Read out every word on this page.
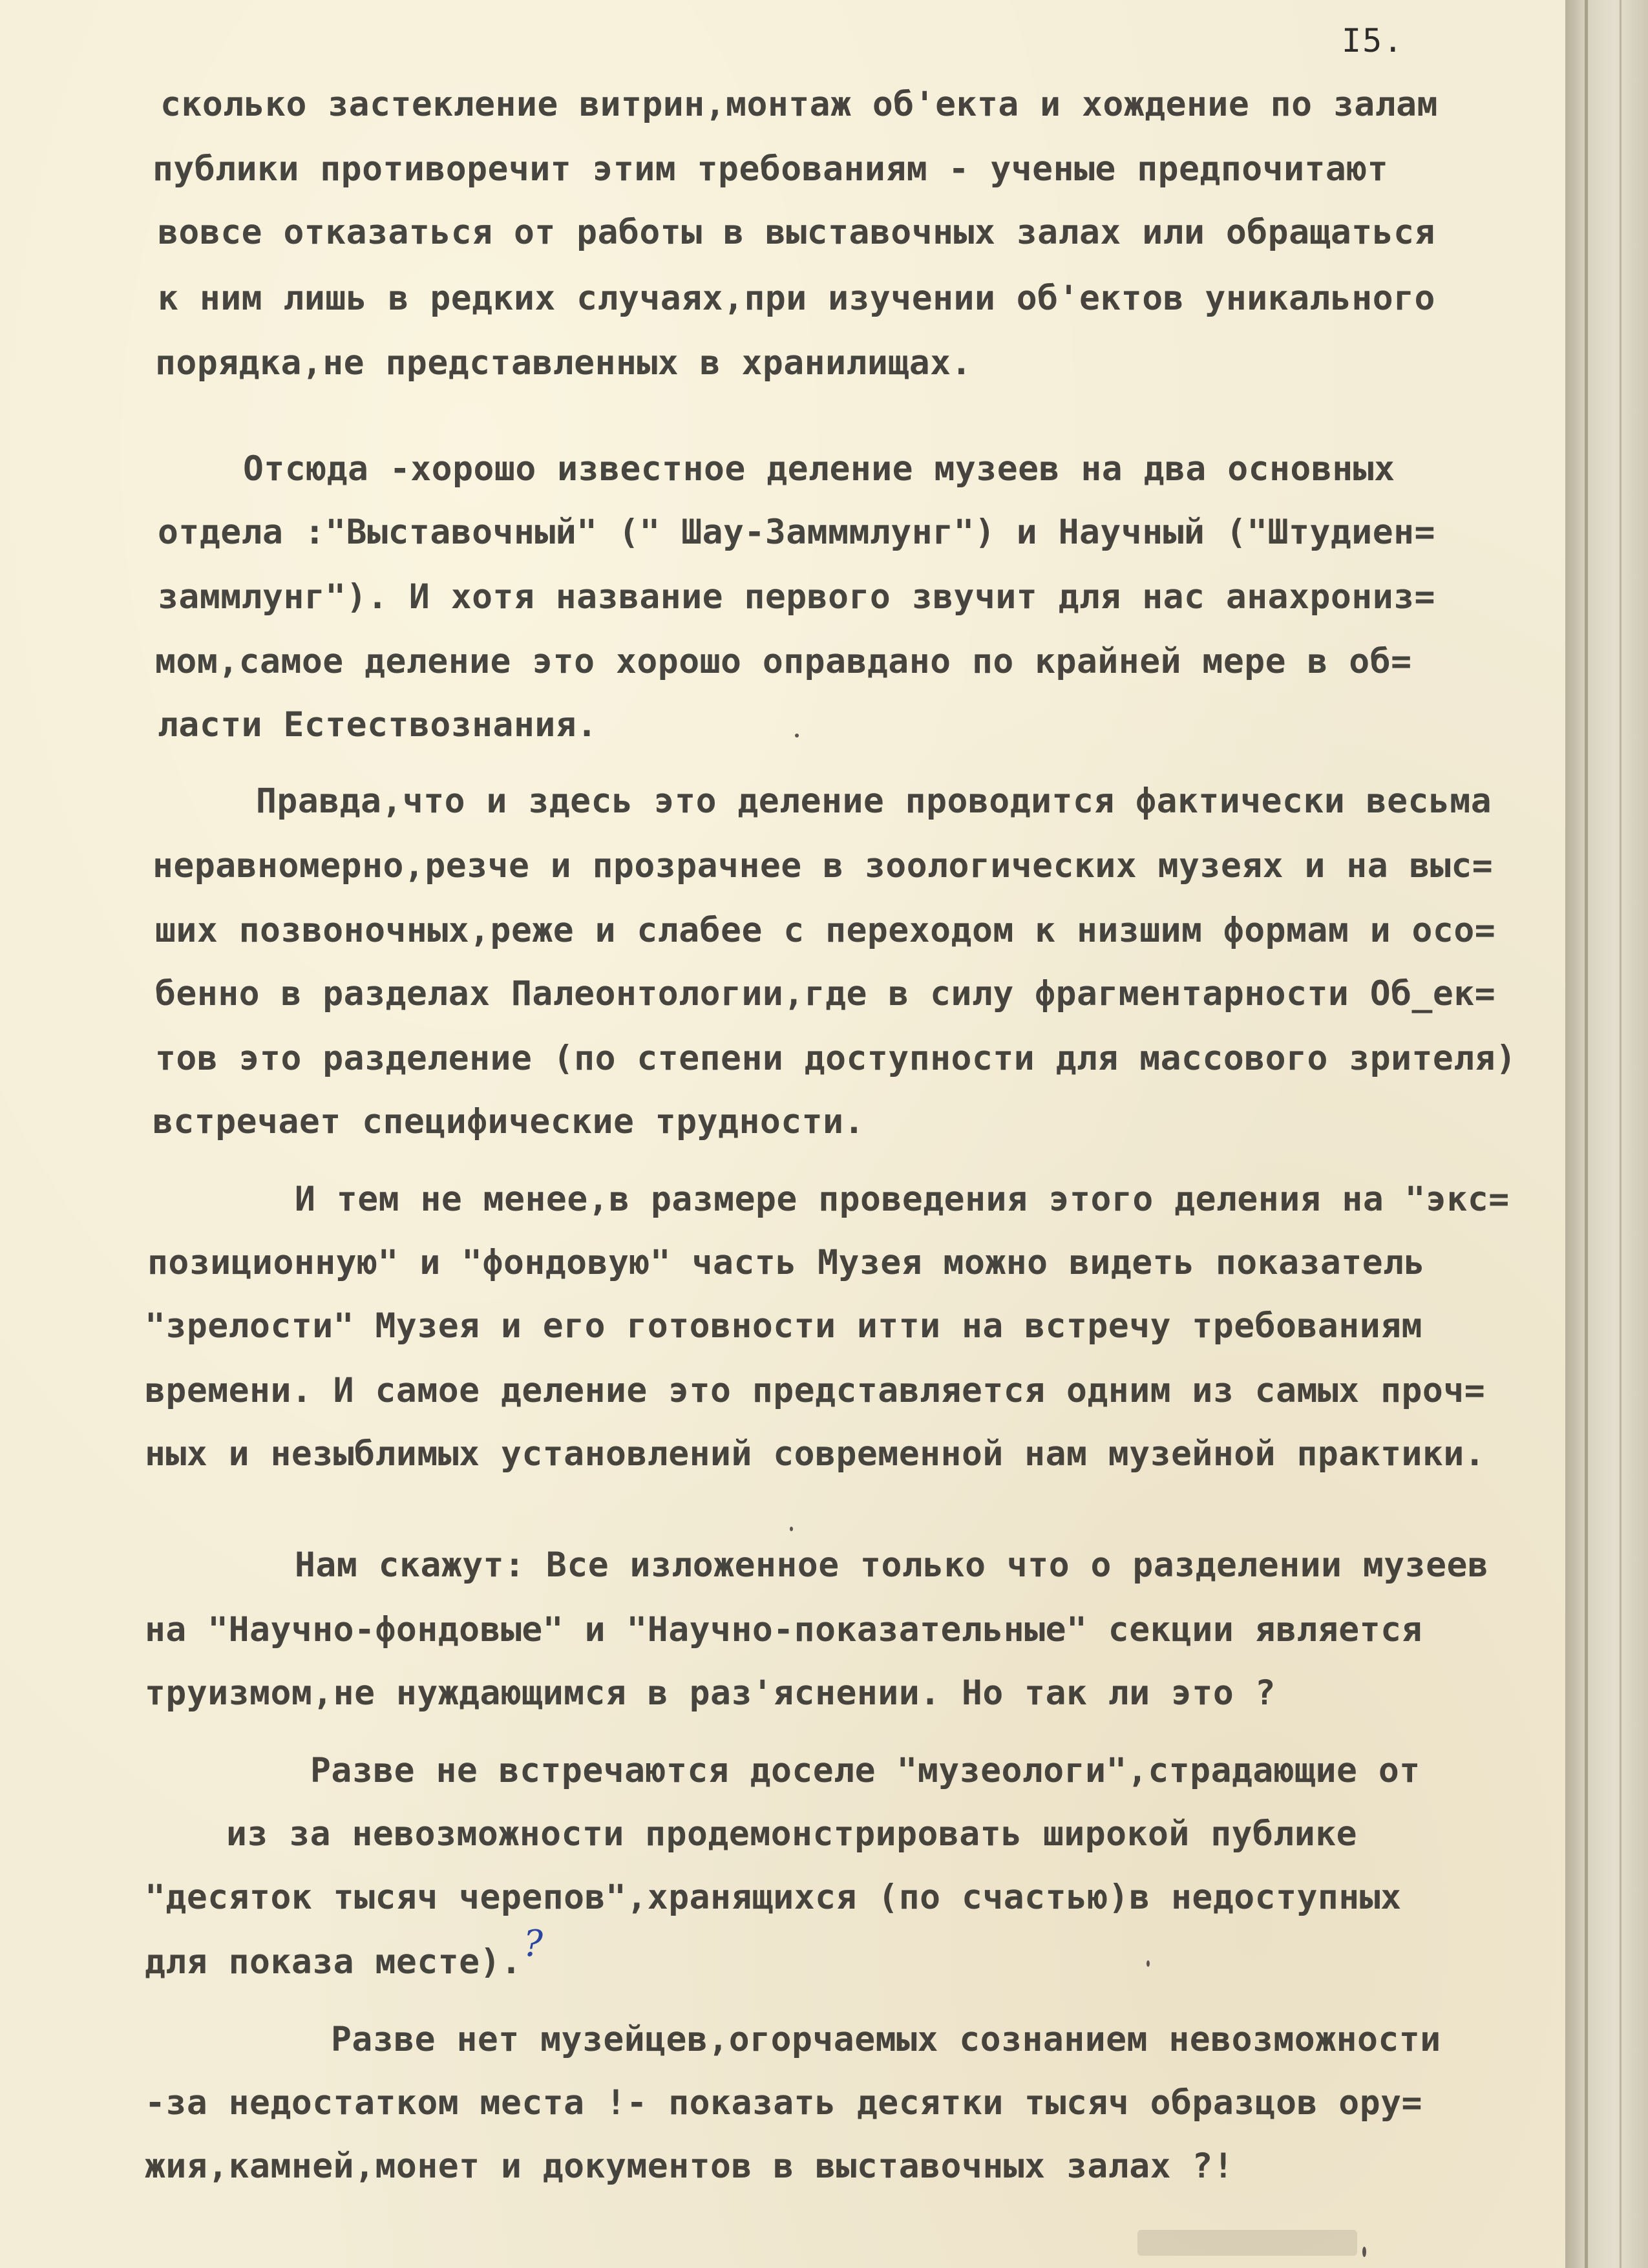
I5.

сколько застекление витрин,монтаж об'екта и хождение по залам

публики противоречит этим требованиям - ученые предпочитают

вовсе отказаться от работы в выставочных залах или обращаться

к ним лишь в редких случаях,при изучении об'ектов уникального

порядка,не представленных в хранилищах.

Отсюда -хорошо известное деление музеев на два основных

отдела :"Выставочный" (" Шау-Замммлунг") и Научный ("Штудиен=

заммлунг"). И хотя название первого звучит для нас анахрониз=

мом,самое деление это хорошо оправдано по крайней мере в об=

ласти Естествознания.

Правда,что и здесь это деление проводится фактически весьма

неравномерно,резче и прозрачнее в зоологических музеях и на выс=

ших позвоночных,реже и слабее с переходом к низшим формам и осо=

бенно в разделах Палеонтологии,где в силу фрагментарности Об_ек=

тов это разделение (по степени доступности для массового зрителя)

встречает специфические трудности.

И тем не менее,в размере проведения этого деления на "экс=

позиционную" и "фондовую" часть Музея можно видеть показатель

"зрелости" Музея и его готовности итти на встречу требованиям

времени. И самое деление это представляется одним из самых проч=

ных и незыблимых установлений современной нам музейной практики.

Нам скажут: Все изложенное только что о разделении музеев

на "Научно-фондовые" и "Научно-показательные" секции является

труизмом,не нуждающимся в раз'яснении. Но так ли это ?

Разве не встречаются доселе "музеологи",страдающие от

из за невозможности продемонстрировать широкой публике

"десяток тысяч черепов",хранящихся (по счастью)в недоступных

для показа месте). ?

Разве нет музейцев,огорчаемых сознанием невозможности

-за недостатком места !- показать десятки тысяч образцов ору=

жия,камней,монет и документов в выставочных залах ?!
